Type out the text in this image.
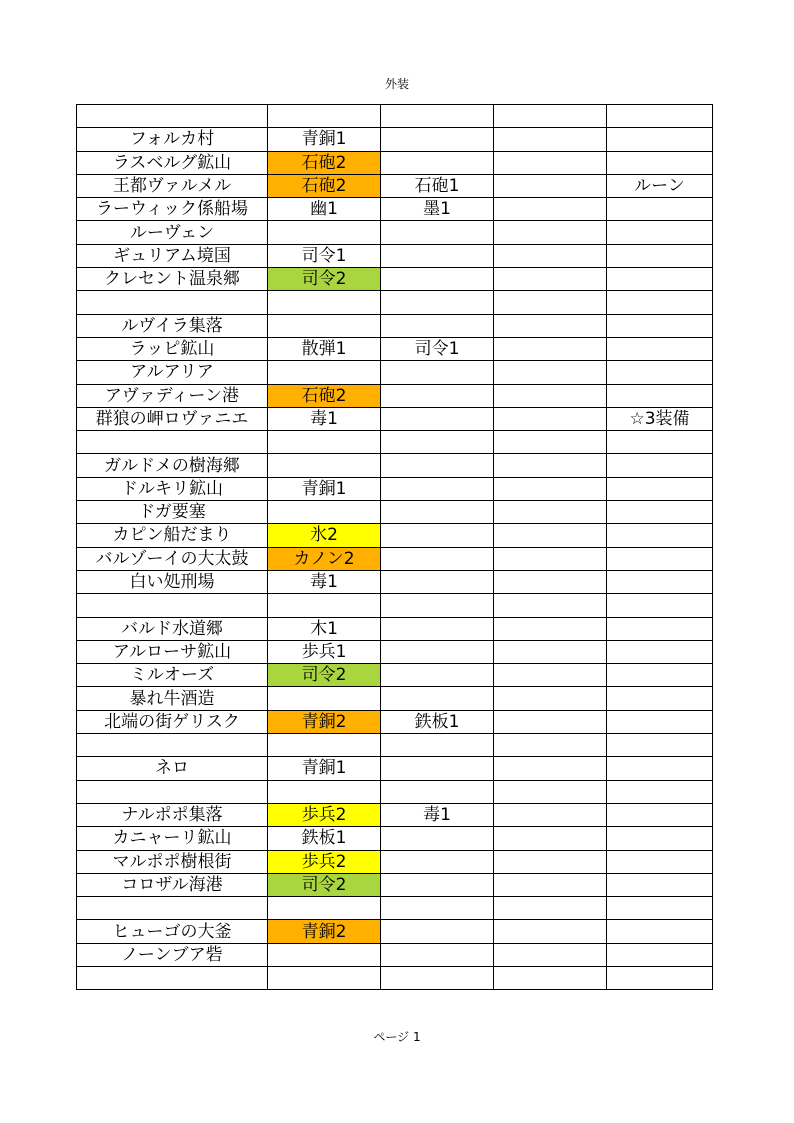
外装

フォルカ村	青銅1			
ラスベルグ鉱山	石砲2			
王都ヴァルメル	石砲2	石砲1		ルーン
ラーウィック係船場	幽1	墨1		
ルーヴェン				
ギュリアム境国	司令1			
クレセント温泉郷	司令2			

ルヴイラ集落				
ラッピ鉱山	散弾1	司令1		
アルアリア				
アヴァディーン港	石砲2			
群狼の岬ロヴァニエ	毒1			☆3装備

ガルドメの樹海郷				
ドルキリ鉱山	青銅1			
ドガ要塞				
カピン船だまり	氷2			
バルゾーイの大太鼓	カノン2			
白い処刑場	毒1			

バルド水道郷	木1			
アルローサ鉱山	歩兵1			
ミルオーズ	司令2			
暴れ牛酒造				
北端の街ゲリスク	青銅2	鉄板1		

ネロ	青銅1			

ナルポポ集落	歩兵2	毒1		
カニャーリ鉱山	鉄板1			
マルポポ樹根街	歩兵2			
コロザル海港	司令2			

ヒューゴの大釜	青銅2			
ノーンブア砦				

ページ 1
